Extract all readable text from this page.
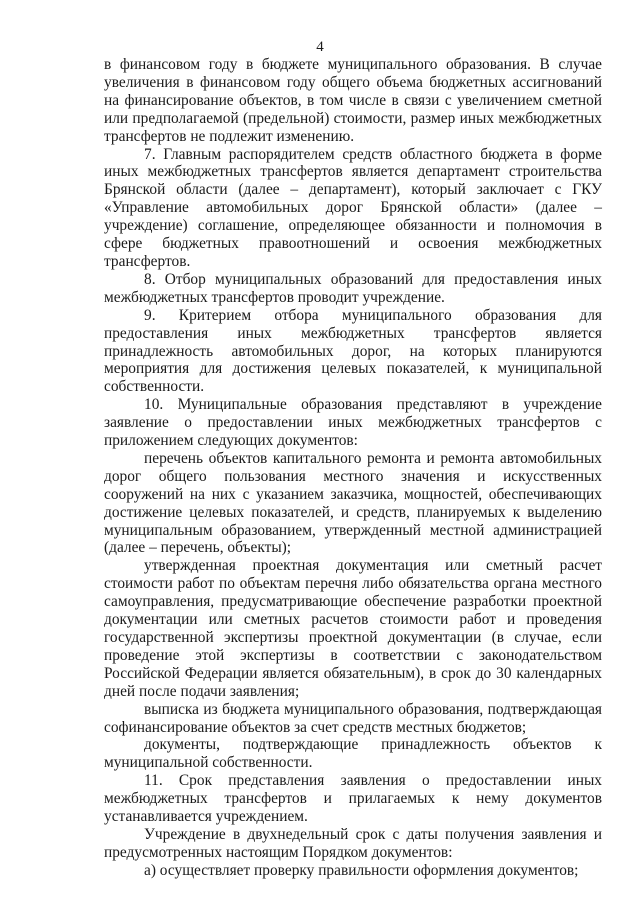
4

в финансовом году в бюджете муниципального образования. В случае увеличения в финансовом году общего объема бюджетных ассигнований на финансирование объектов, в том числе в связи с увеличением сметной или предполагаемой (предельной) стоимости, размер иных межбюджетных трансфертов не подлежит изменению.

7. Главным распорядителем средств областного бюджета в форме иных межбюджетных трансфертов является департамент строительства Брянской области (далее – департамент), который заключает с ГКУ «Управление автомобильных дорог Брянской области» (далее – учреждение) соглашение, определяющее обязанности и полномочия в сфере бюджетных правоотношений и освоения межбюджетных трансфертов.

8. Отбор муниципальных образований для предоставления иных межбюджетных трансфертов проводит учреждение.

9. Критерием отбора муниципального образования для предоставления иных межбюджетных трансфертов является принадлежность автомобильных дорог, на которых планируются мероприятия для достижения целевых показателей, к муниципальной собственности.

10. Муниципальные образования представляют в учреждение заявление о предоставлении иных межбюджетных трансфертов с приложением следующих документов:

перечень объектов капитального ремонта и ремонта автомобильных дорог общего пользования местного значения и искусственных сооружений на них с указанием заказчика, мощностей, обеспечивающих достижение целевых показателей, и средств, планируемых к выделению муниципальным образованием, утвержденный местной администрацией (далее – перечень, объекты);

утвержденная проектная документация или сметный расчет стоимости работ по объектам перечня либо обязательства органа местного самоуправления, предусматривающие обеспечение разработки проектной документации или сметных расчетов стоимости работ и проведения государственной экспертизы проектной документации (в случае, если проведение этой экспертизы в соответствии с законодательством Российской Федерации является обязательным), в срок до 30 календарных дней после подачи заявления;

выписка из бюджета муниципального образования, подтверждающая софинансирование объектов за счет средств местных бюджетов;

документы, подтверждающие принадлежность объектов к муниципальной собственности.

11. Срок представления заявления о предоставлении иных межбюджетных трансфертов и прилагаемых к нему документов устанавливается учреждением.

Учреждение в двухнедельный срок с даты получения заявления и предусмотренных настоящим Порядком документов:

а) осуществляет проверку правильности оформления документов;
